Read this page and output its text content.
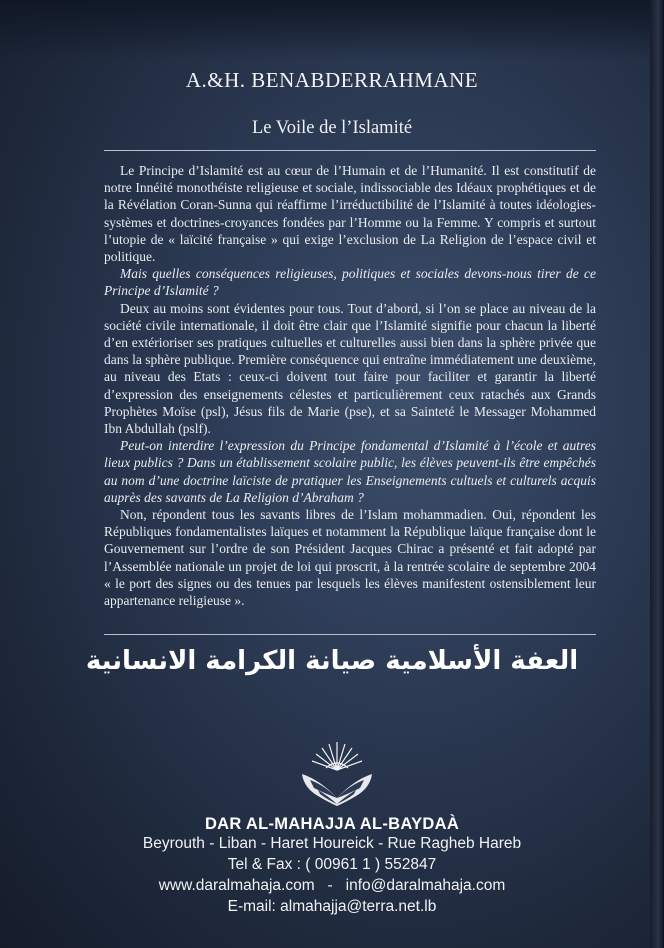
A.&H. BENABDERRAHMANE
Le Voile de l’Islamité

Le Principe d’Islamité est au cœur de l’Humain et de l’Humanité. Il est constitutif de notre Innéité monothéiste religieuse et sociale, indissociable des Idéaux prophétiques et de la Révélation Coran-Sunna qui réaffirme l’irréductibilité de l’Islamité à toutes idéologies-systèmes et doctrines-croyances fondées par l’Homme ou la Femme. Y compris et surtout l’utopie de « laïcité française » qui exige l’exclusion de La Religion de l’espace civil et politique.

Mais quelles conséquences religieuses, politiques et sociales devons-nous tirer de ce Principe d’Islamité ?

Deux au moins sont évidentes pour tous. Tout d’abord, si l’on se place au niveau de la société civile internationale, il doit être clair que l’Islamité signifie pour chacun la liberté d’en extérioriser ses pratiques cultuelles et culturelles aussi bien dans la sphère privée que dans la sphère publique. Première conséquence qui entraîne immédiatement une deuxième, au niveau des Etats : ceux-ci doivent tout faire pour faciliter et garantir la liberté d’expression des enseignements célestes et particulièrement ceux ratachés aux Grands Prophètes Moïse (psl), Jésus fils de Marie (pse), et sa Sainteté le Messager Mohammed Ibn Abdullah (pslf).

Peut-on interdire l’expression du Principe fondamental d’Islamité à l’école et autres lieux publics ? Dans un établissement scolaire public, les élèves peuvent-ils être empêchés au nom d’une doctrine laïciste de pratiquer les Enseignements cultuels et culturels acquis auprès des savants de La Religion d’Abraham ?

Non, répondent tous les savants libres de l’Islam mohammadien. Oui, répondent les Républiques fondamentalistes laïques et notamment la République laïque française dont le Gouvernement sur l’ordre de son Président Jacques Chirac a présenté et fait adopté par l’Assemblée nationale un projet de loi qui proscrit, à la rentrée scolaire de septembre 2004 « le port des signes ou des tenues par lesquels les élèves manifestent ostensiblement leur appartenance religieuse ».

العفة الأسلامية صيانة الكرامة الانسانية
DAR AL-MAHAJJA AL-BAYDAÀ
Beyrouth - Liban - Haret Houreick - Rue Ragheb Hareb
Tel & Fax : ( 00961 1 ) 552847
www.daralmahaja.com   -   info@daralmahaja.com
E-mail: almahajja@terra.net.lb
